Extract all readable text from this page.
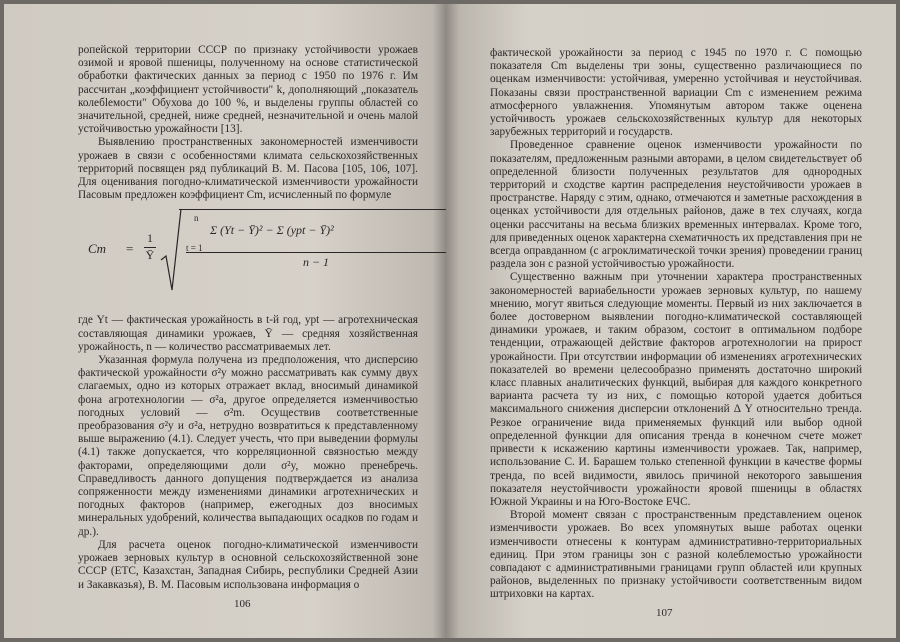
ропейской территории СССР по признаку устойчивости урожаев озимой и яровой пшеницы, полученному на основе статистической обработки фактических данных за период с 1950 по 1976 г. Им рассчитан „коэффициент устойчивости" k, дополняющий „показатель колебleмости" Обухова до 100 %, и выделены группы областей со значительной, средней, ниже средней, незначительной и очень малой устойчивостью урожайности [13].

Выявлению пространственных закономерностей изменчивости урожаев в связи с особенностями климата сельскохозяйственных территорий посвящен ряд публикаций В. М. Пасова [105, 106, 107]. Для оценивания погодно-климатической изменчивости урожайности Пасовым предложен коэффициент Cm, исчисленный по формуле

Cm =
1
Ȳ
n
t = 1
Σ (Yt − Ȳ)² − Σ (ypt − Ȳ)²
n − 1

где Yt — фактическая урожайность в t-й год, ypt — агротехническая составляющая динамики урожаев, Ȳ — средняя хозяйственная урожайность, n — количество рассматриваемых лет.

Указанная формула получена из предположения, что дисперсию фактической урожайности σ²y можно рассматривать как сумму двух слагаемых, одно из которых отражает вклад, вносимый динамикой фона агротехнологии — σ²a, другое определяется изменчивостью погодных условий — σ²m. Осуществив соответственные преобразования σ²y и σ²a, нетрудно возвратиться к представленному выше выражению (4.1). Следует учесть, что при выведении формулы (4.1) также допускается, что корреляционной связностью между факторами, определяющими доли σ²y, можно пренебречь. Справедливость данного допущения подтверждается из анализа сопряженности между изменениями динамики агротехнических и погодных факторов (например, ежегодных доз вносимых минеральных удобрений, количества выпадающих осадков по годам и др.).

Для расчета оценок погодно-климатической изменчивости урожаев зерновых культур в основной сельскохозяйственной зоне СССР (ЕТС, Казахстан, Западная Сибирь, республики Средней Азии и Закавказья), В. М. Пасовым использована информация о

106

фактической урожайности за период с 1945 по 1970 г. С помощью показателя Cm выделены три зоны, существенно различающиеся по оценкам изменчивости: устойчивая, умеренно устойчивая и неустойчивая. Показаны связи пространственной вариации Cm с изменением режима атмосферного увлажнения. Упомянутым автором также оценена устойчивость урожаев сельскохозяйственных культур для некоторых зарубежных территорий и государств.

Проведенное сравнение оценок изменчивости урожайности по показателям, предложенным разными авторами, в целом свидетельствует об определенной близости полученных результатов для однородных территорий и сходстве картин распределения неустойчивости урожаев в пространстве. Наряду с этим, однако, отмечаются и заметные расхождения в оценках устойчивости для отдельных районов, даже в тех случаях, когда оценки рассчитаны на весьма близких временных интервалах. Кроме того, для приведенных оценок характерна схематичность их представления при не всегда оправданном (с агроклиматической точки зрения) проведении границ раздела зон с разной устойчивостью урожайности.

Существенно важным при уточнении характера пространственных закономерностей вариабельности урожаев зерновых культур, по нашему мнению, могут явиться следующие моменты. Первый из них заключается в более достоверном выявлении погодно-климатической составляющей динамики урожаев, и таким образом, состоит в оптимальном подборе тенденции, отражающей действие факторов агротехнологии на прирост урожайности. При отсутствии информации об изменениях агротехнических показателей во времени целесообразно применять достаточно широкий класс плавных аналитических функций, выбирая для каждого конкретного варианта расчета ту из них, с помощью которой удается добиться максимального снижения дисперсии отклонений Δ Y относительно тренда. Резкое ограничение вида применяемых функций или выбор одной определенной функции для описания тренда в конечном счете может привести к искажению картины изменчивости урожаев. Так, например, использование С. И. Барашем только степенной функции в качестве формы тренда, по всей видимости, явилось причиной некоторого завышения показателя неустойчивости урожайности яровой пшеницы в областях Южной Украины и на Юго-Востоке ЕЧС.

Второй момент связан с пространственным представлением оценок изменчивости урожаев. Во всех упомянутых выше работах оценки изменчивости отнесены к контурам административно-территориальных единиц. При этом границы зон с разной колеблемостью урожайности совпадают с административными границами групп областей или крупных районов, выделенных по признаку устойчивости соответственным видом штриховки на картах.

107
